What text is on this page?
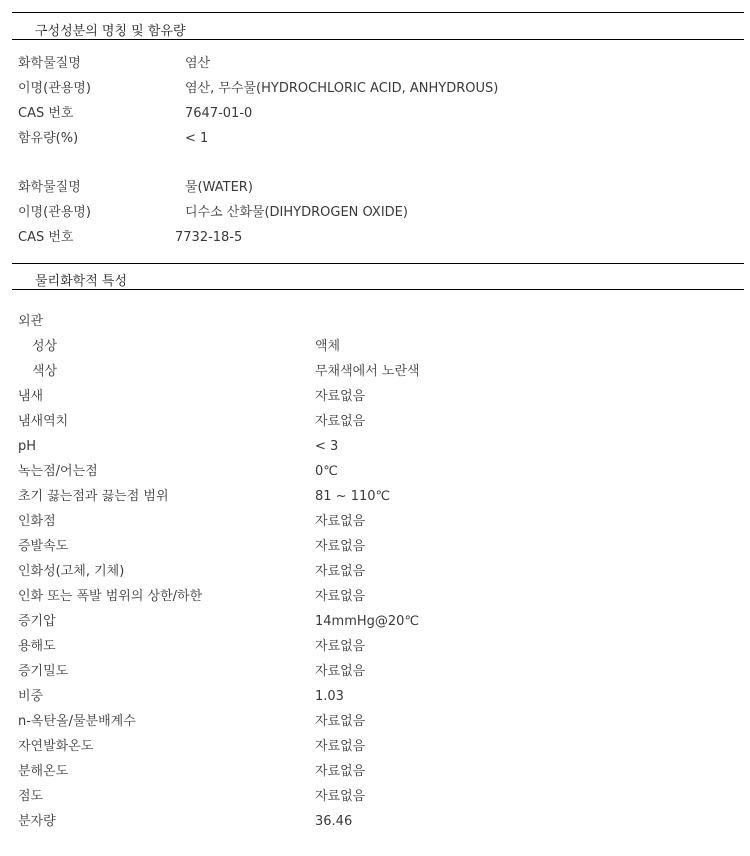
구성성분의 명칭 및 함유량
화학물질명	염산
이명(관용명)	염산, 무수물(HYDROCHLORIC ACID, ANHYDROUS)
CAS 번호	7647-01-0
함유량(%)	< 1
화학물질명	물(WATER)
이명(관용명)	디수소 산화물(DIHYDROGEN OXIDE)
CAS 번호	7732-18-5
물리화학적 특성
외관
성상	액체
색상	무채색에서 노란색
냄새	자료없음
냄새역치	자료없음
pH	< 3
녹는점/어는점	0℃
초기 끓는점과 끓는점 범위	81 ~ 110℃
인화점	자료없음
증발속도	자료없음
인화성(고체, 기체)	자료없음
인화 또는 폭발 범위의 상한/하한	자료없음
증기압	14mmHg@20℃
용해도	자료없음
증기밀도	자료없음
비중	1.03
n-옥탄올/물분배계수	자료없음
자연발화온도	자료없음
분해온도	자료없음
점도	자료없음
분자량	36.46
